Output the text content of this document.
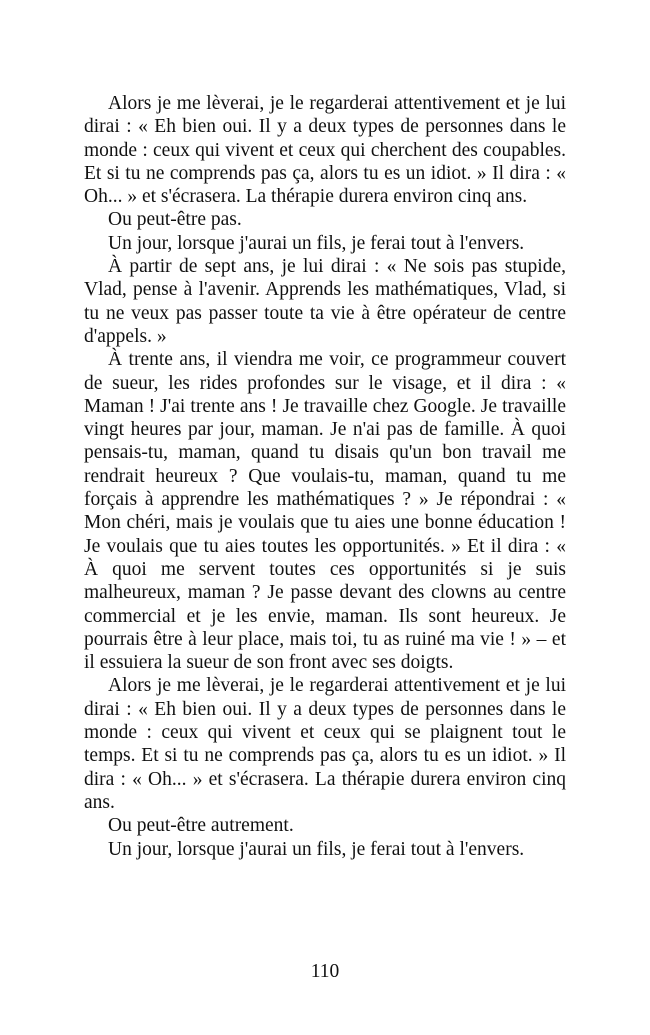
Alors je me lèverai, je le regarderai attentivement et je lui dirai : « Eh bien oui. Il y a deux types de personnes dans le monde : ceux qui vivent et ceux qui cherchent des coupables. Et si tu ne comprends pas ça, alors tu es un idiot. » Il dira : « Oh... » et s'écrasera. La thérapie durera environ cinq ans.

Ou peut-être pas.

Un jour, lorsque j'aurai un fils, je ferai tout à l'envers.

À partir de sept ans, je lui dirai : « Ne sois pas stupide, Vlad, pense à l'avenir. Apprends les mathématiques, Vlad, si tu ne veux pas passer toute ta vie à être opérateur de centre d'appels. »

À trente ans, il viendra me voir, ce programmeur couvert de sueur, les rides profondes sur le visage, et il dira : « Maman ! J'ai trente ans ! Je travaille chez Google. Je travaille vingt heures par jour, maman. Je n'ai pas de famille. À quoi pensais-tu, maman, quand tu disais qu'un bon travail me rendrait heureux ? Que voulais-tu, maman, quand tu me forçais à apprendre les mathématiques ? » Je répondrai : « Mon chéri, mais je voulais que tu aies une bonne éducation ! Je voulais que tu aies toutes les opportunités. » Et il dira : « À quoi me servent toutes ces opportunités si je suis malheureux, maman ? Je passe devant des clowns au centre commercial et je les envie, maman. Ils sont heureux. Je pourrais être à leur place, mais toi, tu as ruiné ma vie ! » – et il essuiera la sueur de son front avec ses doigts.

Alors je me lèverai, je le regarderai attentivement et je lui dirai : « Eh bien oui. Il y a deux types de personnes dans le monde : ceux qui vivent et ceux qui se plaignent tout le temps. Et si tu ne comprends pas ça, alors tu es un idiot. » Il dira : « Oh... » et s'écrasera. La thérapie durera environ cinq ans.

Ou peut-être autrement.

Un jour, lorsque j'aurai un fils, je ferai tout à l'envers.

110
